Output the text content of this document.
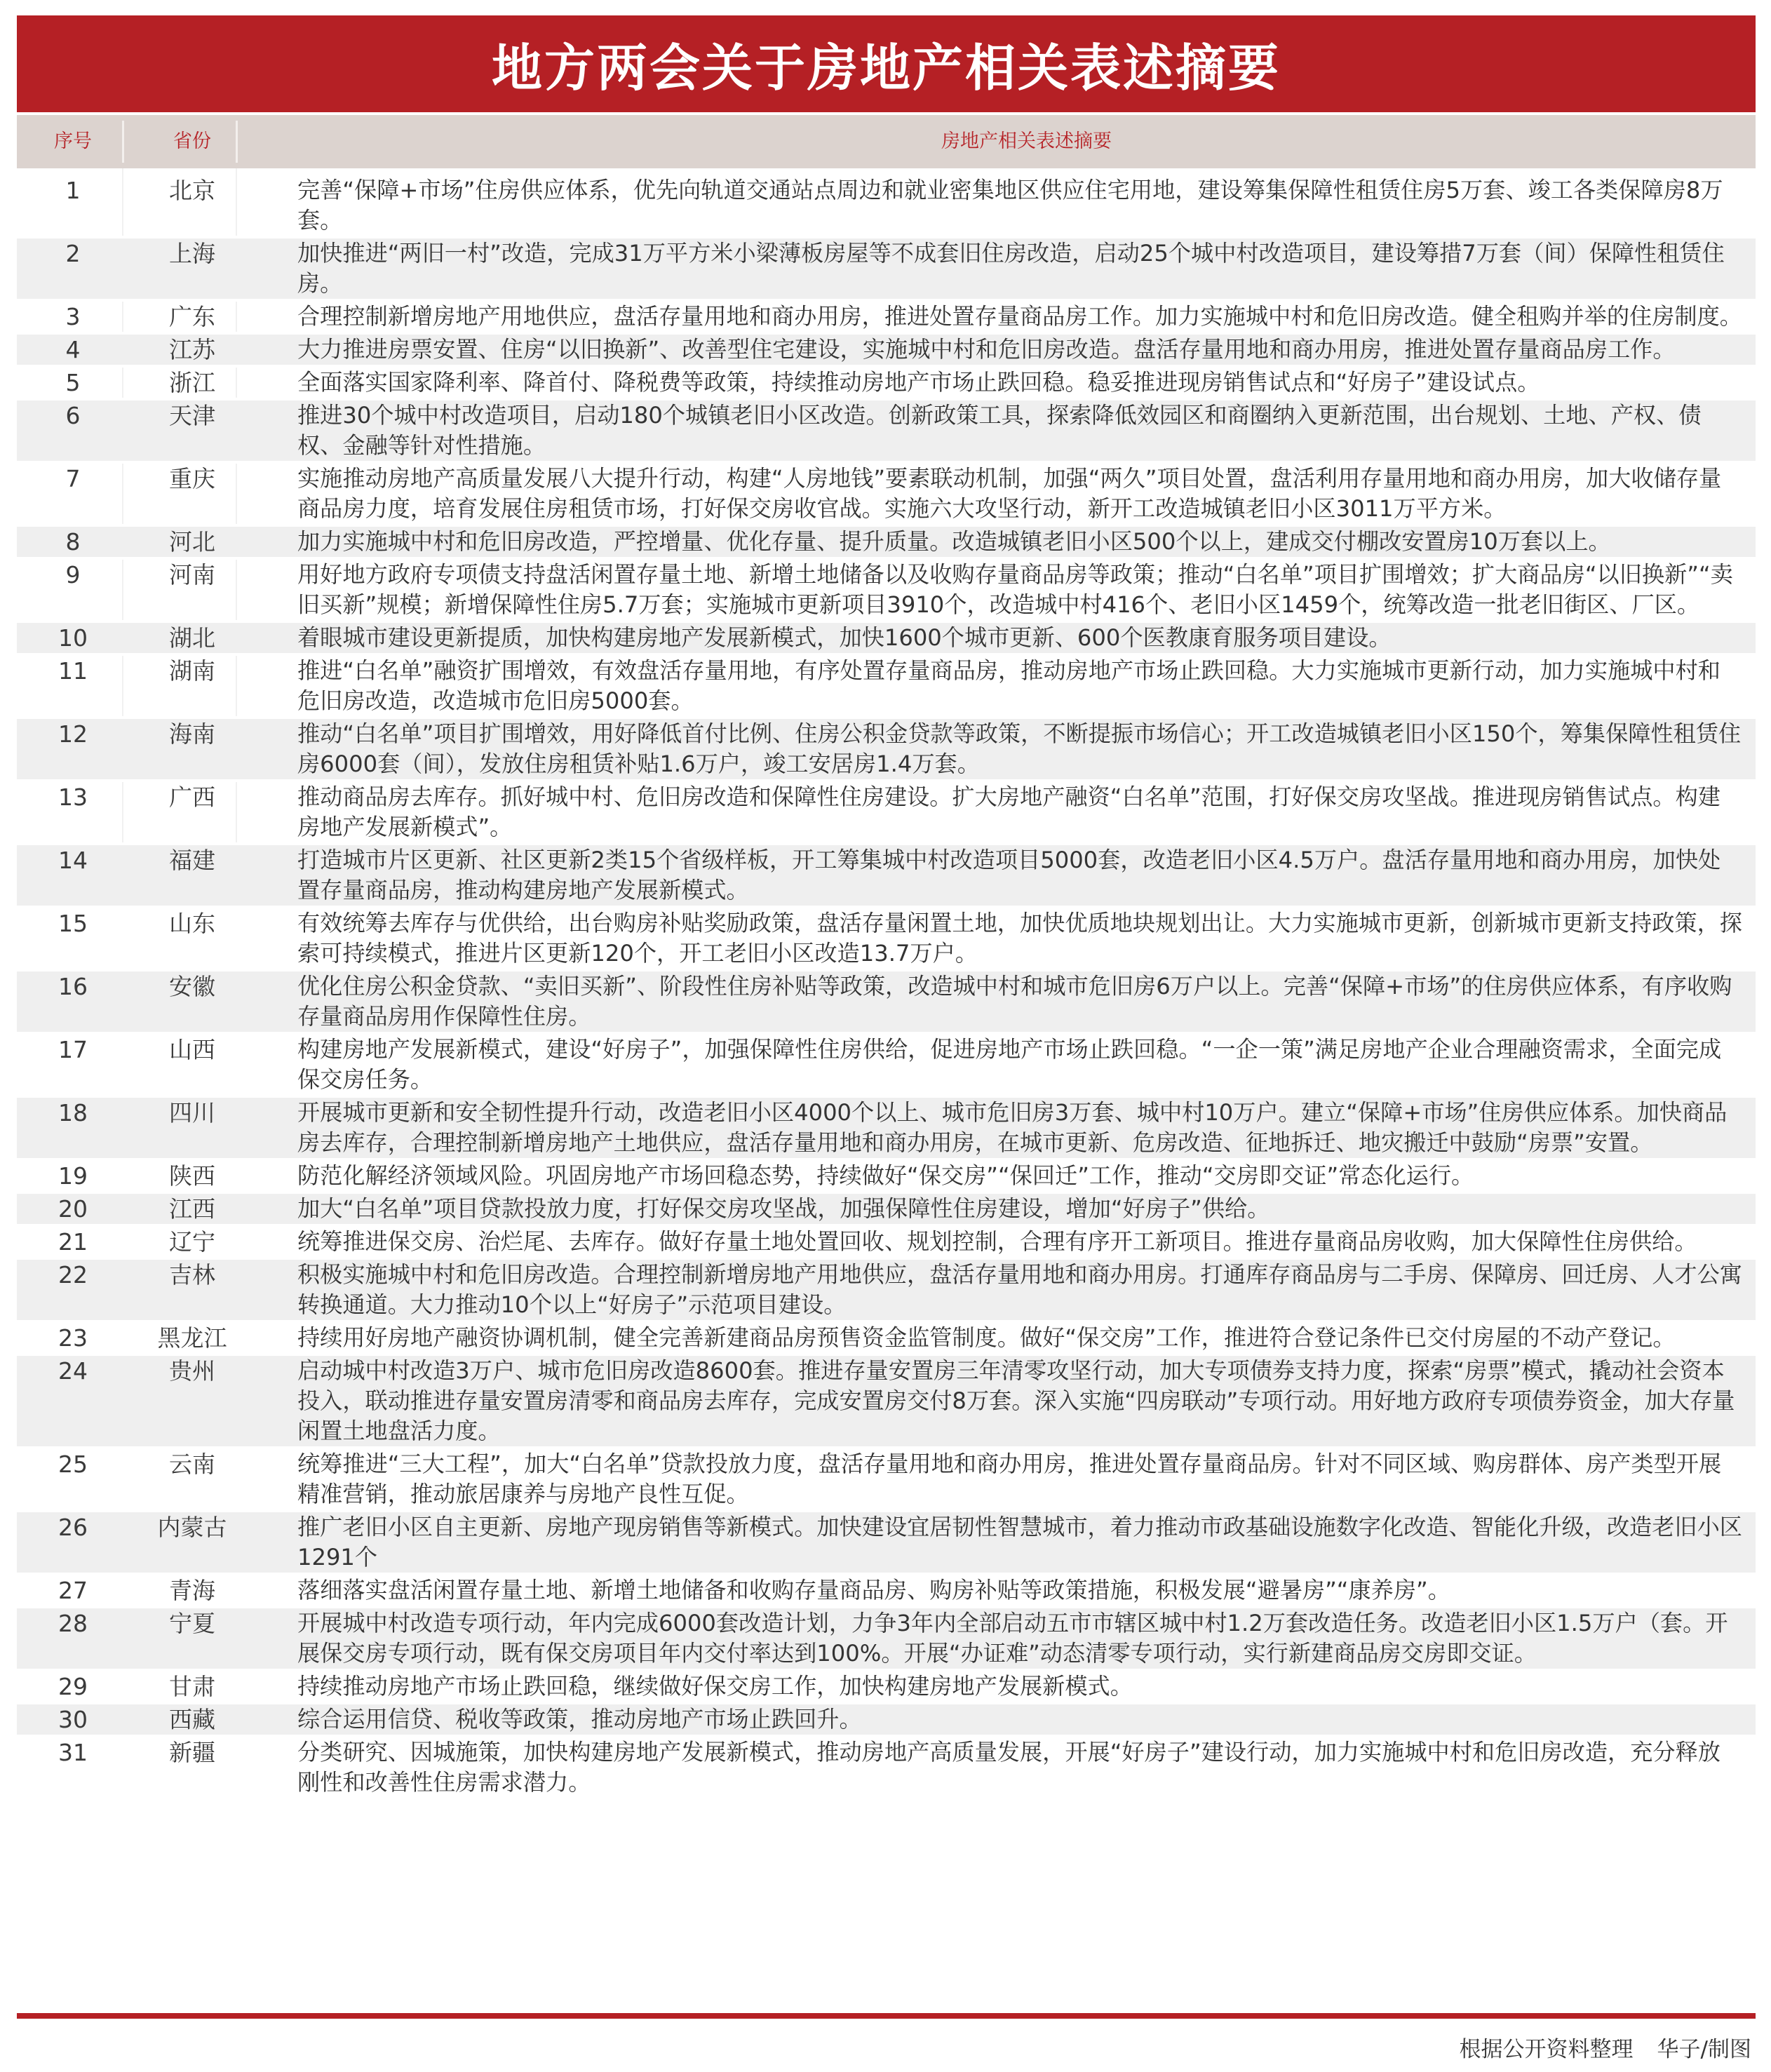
地方两会关于房地产相关表述摘要
序号	省份	房地产相关表述摘要
1	北京	完善“保障+市场”住房供应体系，优先向轨道交通站点周边和就业密集地区供应住宅用地，建设筹集保障性租赁住房5万套、竣工各类保障房8万套。
2	上海	加快推进“两旧一村”改造，完成31万平方米小梁薄板房屋等不成套旧住房改造，启动25个城中村改造项目，建设筹措7万套（间）保障性租赁住房。
3	广东	合理控制新增房地产用地供应，盘活存量用地和商办用房，推进处置存量商品房工作。加力实施城中村和危旧房改造。健全租购并举的住房制度。
4	江苏	大力推进房票安置、住房“以旧换新”、改善型住宅建设，实施城中村和危旧房改造。盘活存量用地和商办用房，推进处置存量商品房工作。
5	浙江	全面落实国家降利率、降首付、降税费等政策，持续推动房地产市场止跌回稳。稳妥推进现房销售试点和“好房子”建设试点。
6	天津	推进30个城中村改造项目，启动180个城镇老旧小区改造。创新政策工具，探索降低效园区和商圈纳入更新范围，出台规划、土地、产权、债权、金融等针对性措施。
7	重庆	实施推动房地产高质量发展八大提升行动，构建“人房地钱”要素联动机制，加强“两久”项目处置，盘活利用存量用地和商办用房，加大收储存量商品房力度，培育发展住房租赁市场，打好保交房收官战。实施六大攻坚行动，新开工改造城镇老旧小区3011万平方米。
8	河北	加力实施城中村和危旧房改造，严控增量、优化存量、提升质量。改造城镇老旧小区500个以上，建成交付棚改安置房10万套以上。
9	河南	用好地方政府专项债支持盘活闲置存量土地、新增土地储备以及收购存量商品房等政策；推动“白名单”项目扩围增效；扩大商品房“以旧换新”“卖旧买新”规模；新增保障性住房5.7万套；实施城市更新项目3910个，改造城中村416个、老旧小区1459个，统筹改造一批老旧街区、厂区。
10	湖北	着眼城市建设更新提质，加快构建房地产发展新模式，加快1600个城市更新、600个医教康育服务项目建设。
11	湖南	推进“白名单”融资扩围增效，有效盘活存量用地，有序处置存量商品房，推动房地产市场止跌回稳。大力实施城市更新行动，加力实施城中村和危旧房改造，改造城市危旧房5000套。
12	海南	推动“白名单”项目扩围增效，用好降低首付比例、住房公积金贷款等政策，不断提振市场信心；开工改造城镇老旧小区150个，筹集保障性租赁住房6000套（间），发放住房租赁补贴1.6万户，竣工安居房1.4万套。
13	广西	推动商品房去库存。抓好城中村、危旧房改造和保障性住房建设。扩大房地产融资“白名单”范围，打好保交房攻坚战。推进现房销售试点。构建房地产发展新模式”。
14	福建	打造城市片区更新、社区更新2类15个省级样板，开工筹集城中村改造项目5000套，改造老旧小区4.5万户。盘活存量用地和商办用房，加快处置存量商品房，推动构建房地产发展新模式。
15	山东	有效统筹去库存与优供给，出台购房补贴奖励政策，盘活存量闲置土地，加快优质地块规划出让。大力实施城市更新，创新城市更新支持政策，探索可持续模式，推进片区更新120个，开工老旧小区改造13.7万户。
16	安徽	优化住房公积金贷款、“卖旧买新”、阶段性住房补贴等政策，改造城中村和城市危旧房6万户以上。完善“保障+市场”的住房供应体系，有序收购存量商品房用作保障性住房。
17	山西	构建房地产发展新模式，建设“好房子”，加强保障性住房供给，促进房地产市场止跌回稳。“一企一策”满足房地产企业合理融资需求，全面完成保交房任务。
18	四川	开展城市更新和安全韧性提升行动，改造老旧小区4000个以上、城市危旧房3万套、城中村10万户。建立“保障+市场”住房供应体系。加快商品房去库存，合理控制新增房地产土地供应，盘活存量用地和商办用房，在城市更新、危房改造、征地拆迁、地灾搬迁中鼓励“房票”安置。
19	陕西	防范化解经济领域风险。巩固房地产市场回稳态势，持续做好“保交房”“保回迁”工作，推动“交房即交证”常态化运行。
20	江西	加大“白名单”项目贷款投放力度，打好保交房攻坚战，加强保障性住房建设，增加“好房子”供给。
21	辽宁	统筹推进保交房、治烂尾、去库存。做好存量土地处置回收、规划控制，合理有序开工新项目。推进存量商品房收购，加大保障性住房供给。
22	吉林	积极实施城中村和危旧房改造。合理控制新增房地产用地供应，盘活存量用地和商办用房。打通库存商品房与二手房、保障房、回迁房、人才公寓转换通道。大力推动10个以上“好房子”示范项目建设。
23	黑龙江	持续用好房地产融资协调机制，健全完善新建商品房预售资金监管制度。做好“保交房”工作，推进符合登记条件已交付房屋的不动产登记。
24	贵州	启动城中村改造3万户、城市危旧房改造8600套。推进存量安置房三年清零攻坚行动，加大专项债券支持力度，探索“房票”模式，撬动社会资本投入，联动推进存量安置房清零和商品房去库存，完成安置房交付8万套。深入实施“四房联动”专项行动。用好地方政府专项债券资金，加大存量闲置土地盘活力度。
25	云南	统筹推进“三大工程”，加大“白名单”贷款投放力度，盘活存量用地和商办用房，推进处置存量商品房。针对不同区域、购房群体、房产类型开展精准营销，推动旅居康养与房地产良性互促。
26	内蒙古	推广老旧小区自主更新、房地产现房销售等新模式。加快建设宜居韧性智慧城市，着力推动市政基础设施数字化改造、智能化升级，改造老旧小区1291个
27	青海	落细落实盘活闲置存量土地、新增土地储备和收购存量商品房、购房补贴等政策措施，积极发展“避暑房”“康养房”。
28	宁夏	开展城中村改造专项行动，年内完成6000套改造计划，力争3年内全部启动五市市辖区城中村1.2万套改造任务。改造老旧小区1.5万户（套。开展保交房专项行动，既有保交房项目年内交付率达到100%。开展“办证难”动态清零专项行动，实行新建商品房交房即交证。
29	甘肃	持续推动房地产市场止跌回稳，继续做好保交房工作，加快构建房地产发展新模式。
30	西藏	综合运用信贷、税收等政策，推动房地产市场止跌回升。
31	新疆	分类研究、因城施策，加快构建房地产发展新模式，推动房地产高质量发展，开展“好房子”建设行动，加力实施城中村和危旧房改造，充分释放刚性和改善性住房需求潜力。
根据公开资料整理 华子/制图
